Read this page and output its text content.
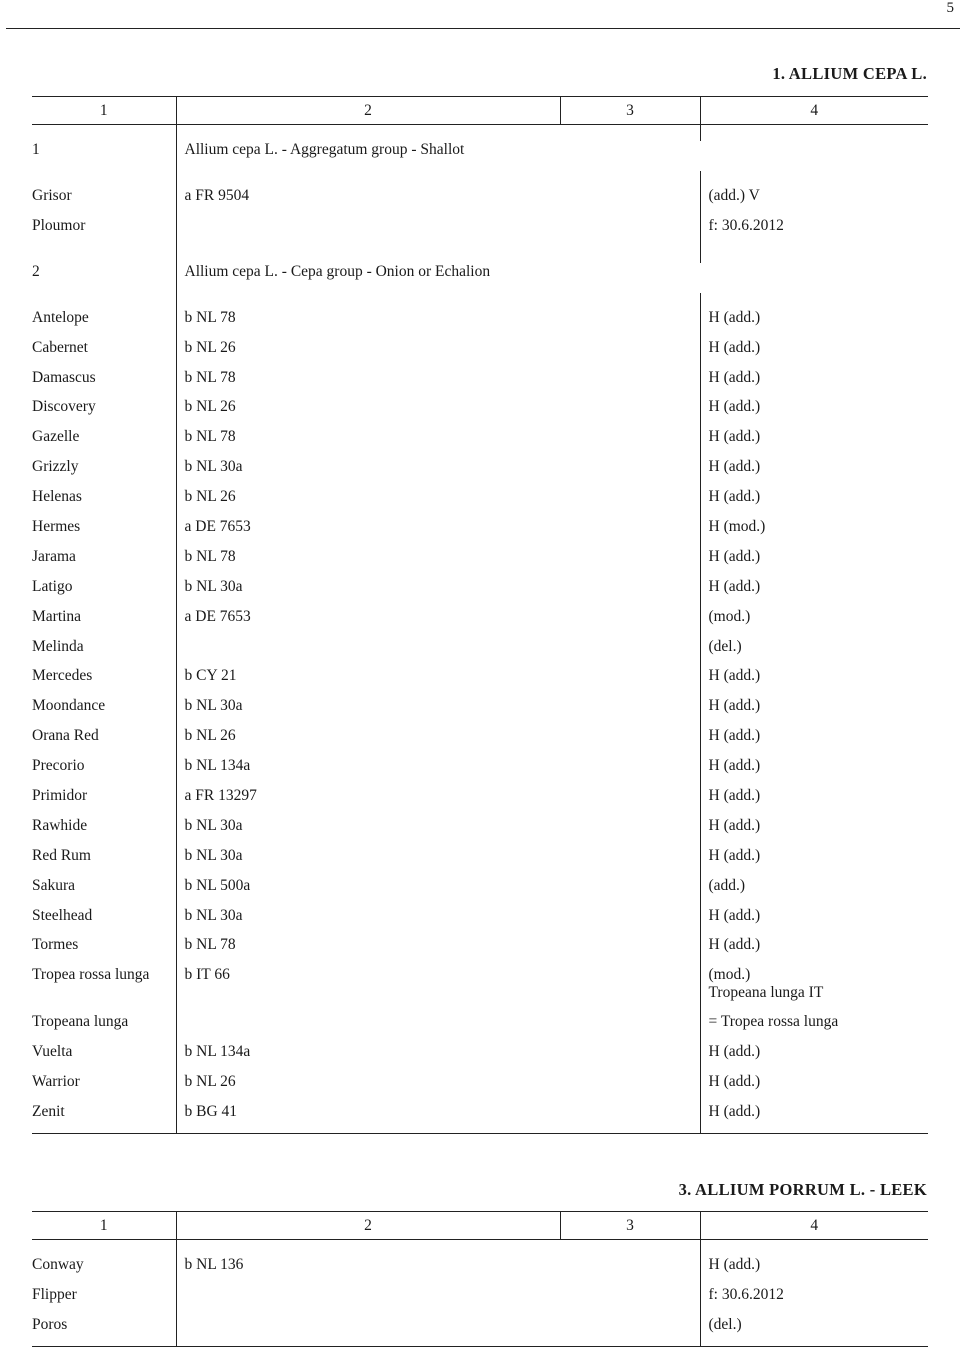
5
1. ALLIUM CEPA L.
1	2	3	4

1	Allium cepa L. - Aggregatum group - Shallot		

Grisor	a FR 9504		(add.) V

Ploumor			f: 30.6.2012

2	Allium cepa L. - Cepa group - Onion or Echalion		

Antelope	b NL 78		H (add.)

Cabernet	b NL 26		H (add.)

Damascus	b NL 78		H (add.)

Discovery	b NL 26		H (add.)

Gazelle	b NL 78		H (add.)

Grizzly	b NL 30a		H (add.)

Helenas	b NL 26		H (add.)

Hermes	a DE 7653		H (mod.)

Jarama	b NL 78		H (add.)

Latigo	b NL 30a		H (add.)

Martina	a DE 7653		(mod.)

Melinda			(del.)

Mercedes	b CY 21		H (add.)

Moondance	b NL 30a		H (add.)

Orana Red	b NL 26		H (add.)

Precorio	b NL 134a		H (add.)

Primidor	a FR 13297		H (add.)

Rawhide	b NL 30a		H (add.)

Red Rum	b NL 30a		H (add.)

Sakura	b NL 500a		(add.)

Steelhead	b NL 30a		H (add.)

Tormes	b NL 78		H (add.)

Tropea rossa lunga	b IT 66		(mod.)
Tropeana lunga IT

Tropeana lunga			= Tropea rossa lunga

Vuelta	b NL 134a		H (add.)

Warrior	b NL 26		H (add.)

Zenit	b BG 41		H (add.)
3. ALLIUM PORRUM L. - LEEK
1	2	3	4

Conway	b NL 136		H (add.)

Flipper			f: 30.6.2012

Poros			(del.)
